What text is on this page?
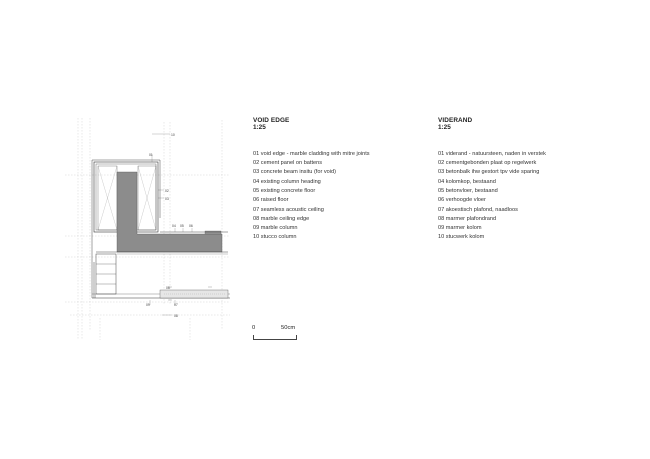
10
01
02
03
04 05 06
06
07
09
08
VOID EDGE
1:25
01 void edge - marble cladding with mitre joints
02 cement panel on battens
03 concrete beam insitu (for void)
04 existing column heading
05 existing concrete floor
06 raised floor
07 seamless acoustic ceiling
08 marble ceiling edge
09 marble column
10 stucco column
VIDERAND
1:25
01 viderand - natuursteen, naden in verstek
02 cementgebonden plaat op regelwerk
03 betonbalk ihw gestort tpv vide sparing
04 kolomkop, bestaand
05 betonvloer, bestaand
06 verhoogde vloer
07 akoestisch plafond, naadloos
08 marmer plafondrand
09 marmer kolom
10 stucwerk kolom
0	50cm
